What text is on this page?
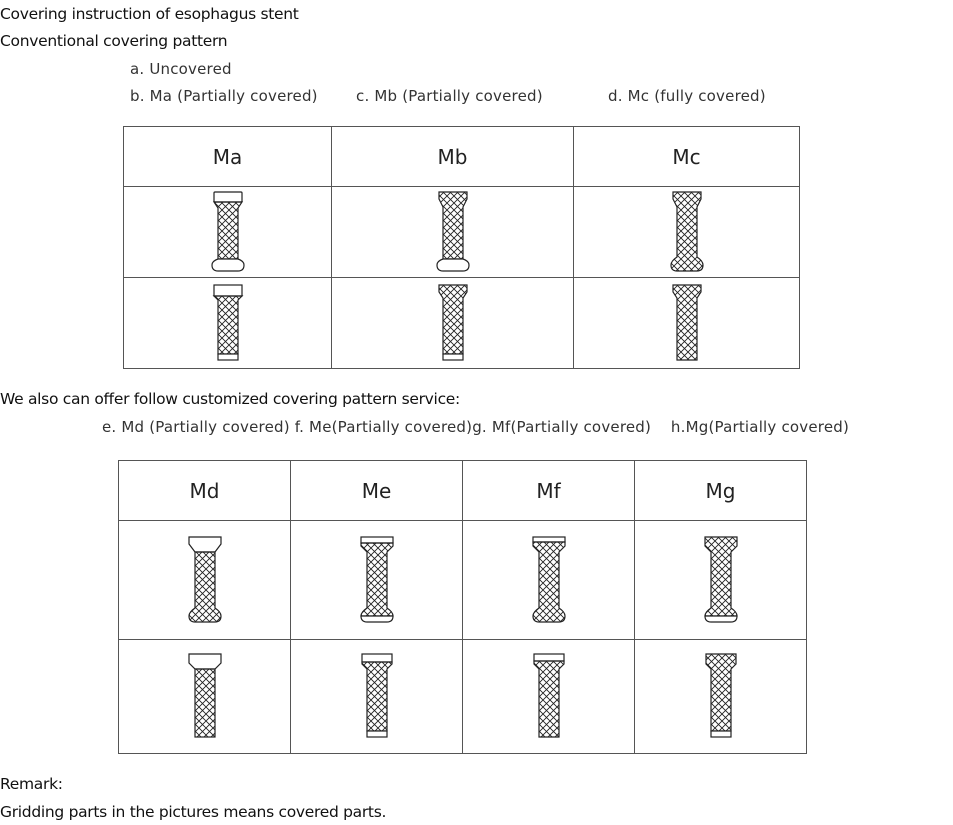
Covering instruction of esophagus stent
Conventional covering pattern
a. Uncovered
b. Ma (Partially covered)	c. Mb (Partially covered)	d. Mc (fully covered)
Ma	Mb	Mc

We also can offer follow customized covering pattern service:
e. Md (Partially covered) f. Me(Partially covered)g. Mf(Partially covered)    h.Mg(Partially covered)
Md	Me	Mf	Mg

Remark:
Gridding parts in the pictures means covered parts.
